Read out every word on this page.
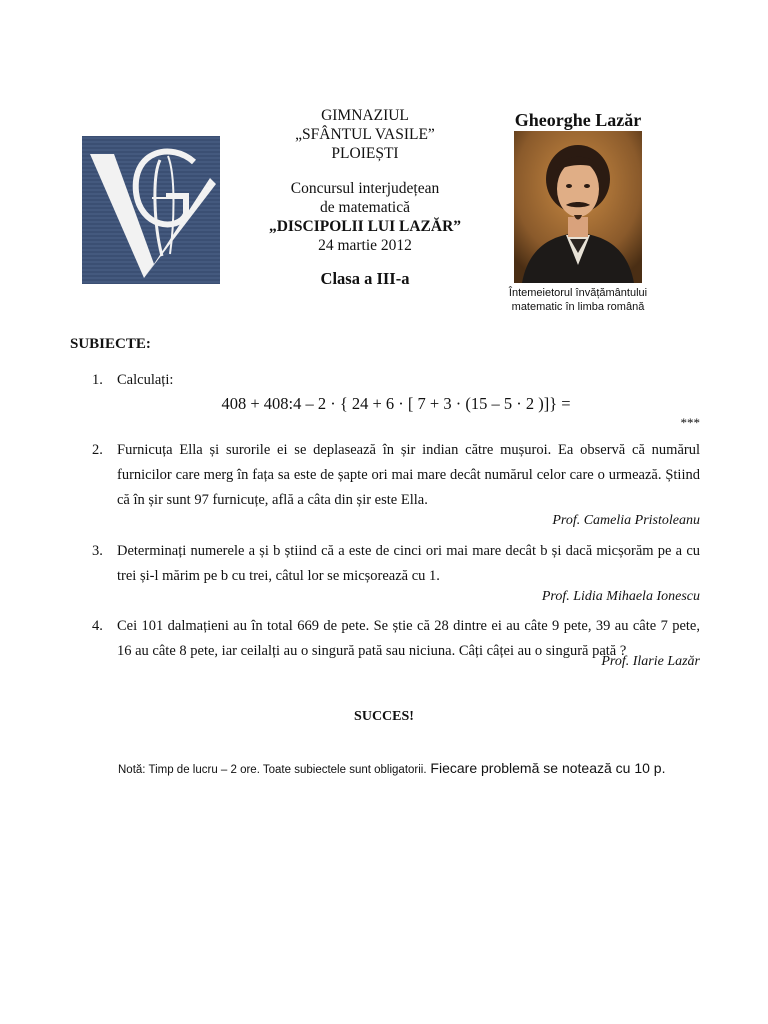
GIMNAZIUL
„SFÂNTUL VASILE”
PLOIEȘTI
Concursul interjudețean
de matematică
„DISCIPOLII LUI LAZĂR”
24 martie 2012
Clasa a III-a
Gheorghe Lazăr
Întemeietorul învățământului
matematic în limba română
SUBIECTE:
1. Calculați:
408 + 408:4 – 2 · { 24 + 6 · [ 7 + 3 · (15 – 5 · 2 )]} =
***
2. Furnicuța Ella și surorile ei se deplasează în șir indian către mușuroi. Ea observă că numărul furnicilor care merg în fața sa este de șapte ori mai mare decât numărul celor care o urmează. Știind că în șir sunt 97 furnicuțe, află a câta din șir este Ella.
Prof. Camelia Pristoleanu
3. Determinați numerele a și b știind că a este de cinci ori mai mare decât b și dacă micșorăm pe a cu trei și-l mărim pe b cu trei, câtul lor se micșorează cu 1.
Prof. Lidia Mihaela Ionescu
4. Cei 101 dalmațieni au în total 669 de pete. Se știe că 28 dintre ei au câte 9 pete, 39 au câte 7 pete, 16 au câte 8 pete, iar ceilalți au o singură pată sau niciuna. Câți câței au o singură pată ?
Prof. Ilarie Lazăr
SUCCES!
Notă: Timp de lucru – 2 ore. Toate subiectele sunt obligatorii. Fiecare problemă se notează cu 10 p.
